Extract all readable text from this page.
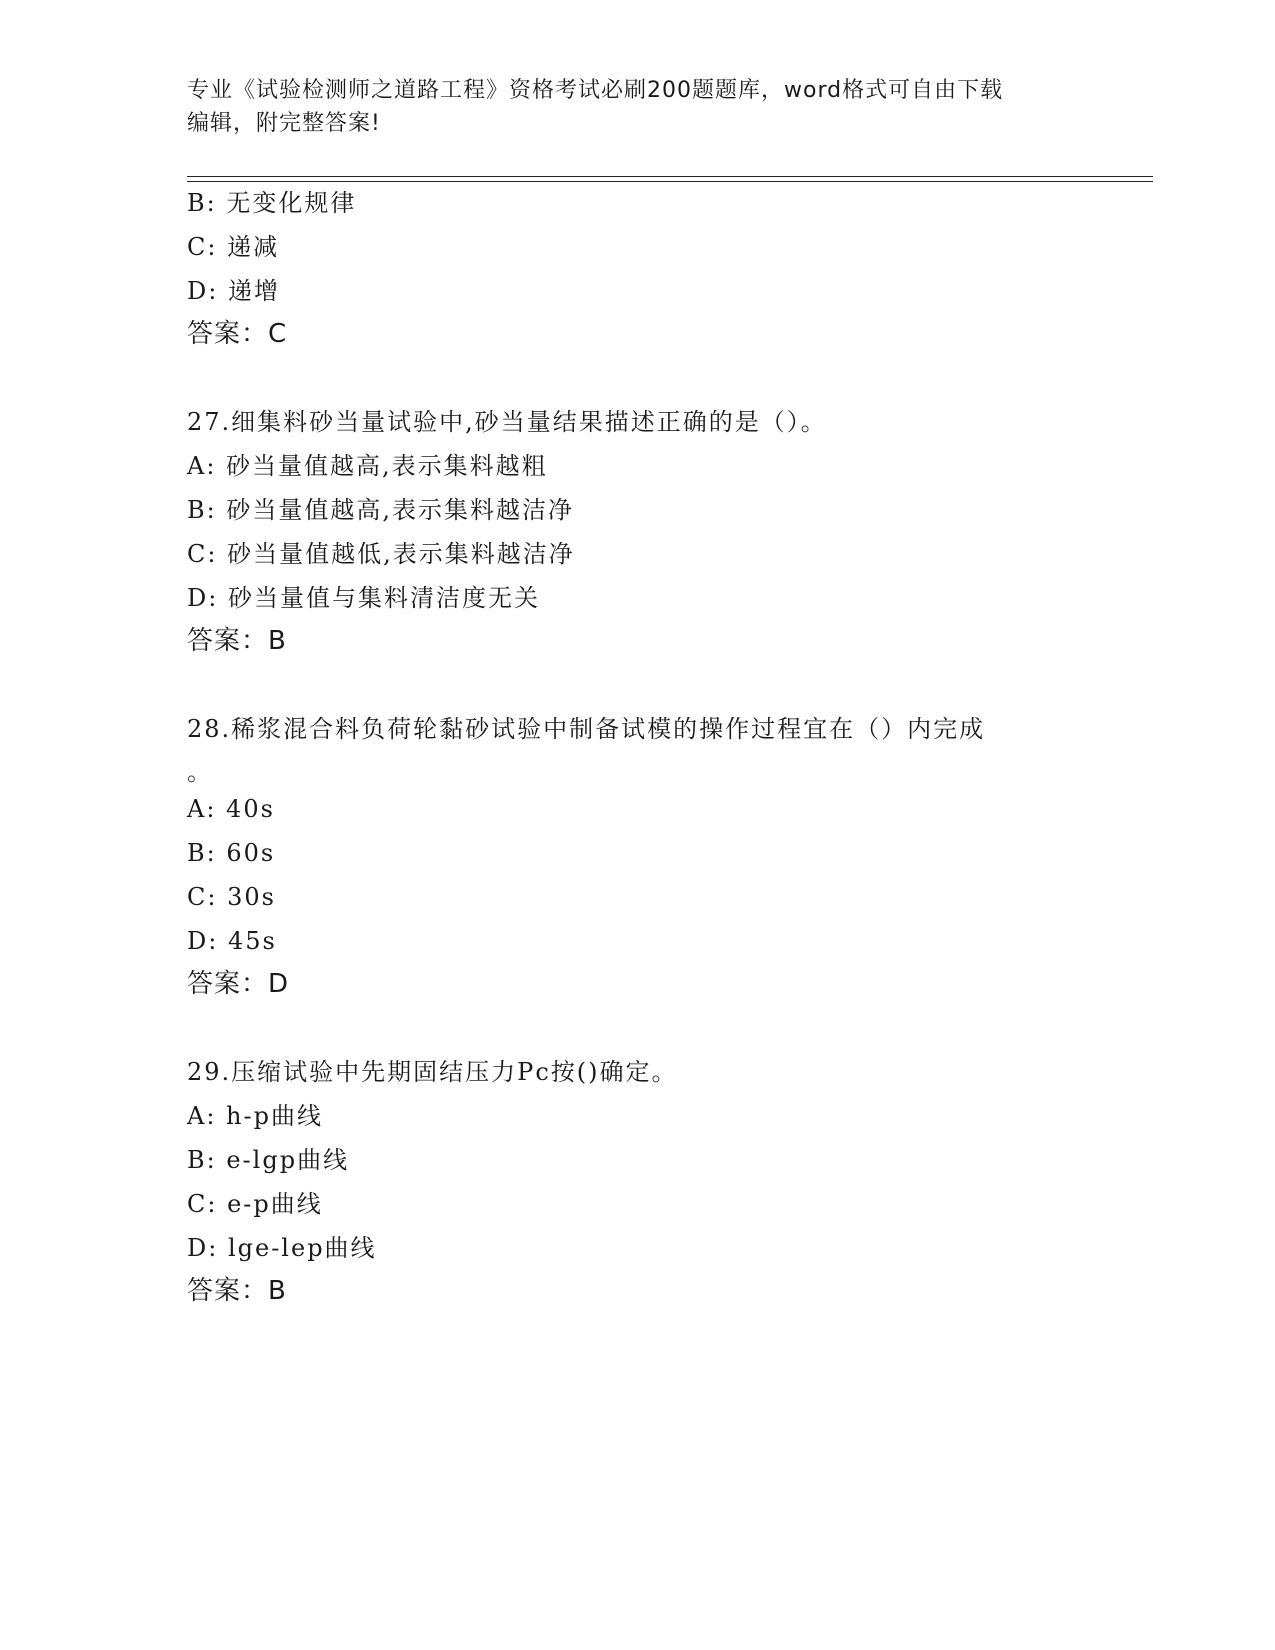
专业《试验检测师之道路工程》资格考试必刷200题题库，word格式可自由下载
编辑，附完整答案!
B: 无变化规律
C: 递减
D: 递增
答案：C
27.细集料砂当量试验中,砂当量结果描述正确的是（）。
A: 砂当量值越高,表示集料越粗
B: 砂当量值越高,表示集料越洁净
C: 砂当量值越低,表示集料越洁净
D: 砂当量值与集料清洁度无关
答案：B
28.稀浆混合料负荷轮黏砂试验中制备试模的操作过程宜在（）内完成
。
A: 40s
B: 60s
C: 30s
D: 45s
答案：D
29.压缩试验中先期固结压力Pc按()确定。
A: h-p曲线
B: e-lgp曲线
C: e-p曲线
D: lge-lep曲线
答案：B
